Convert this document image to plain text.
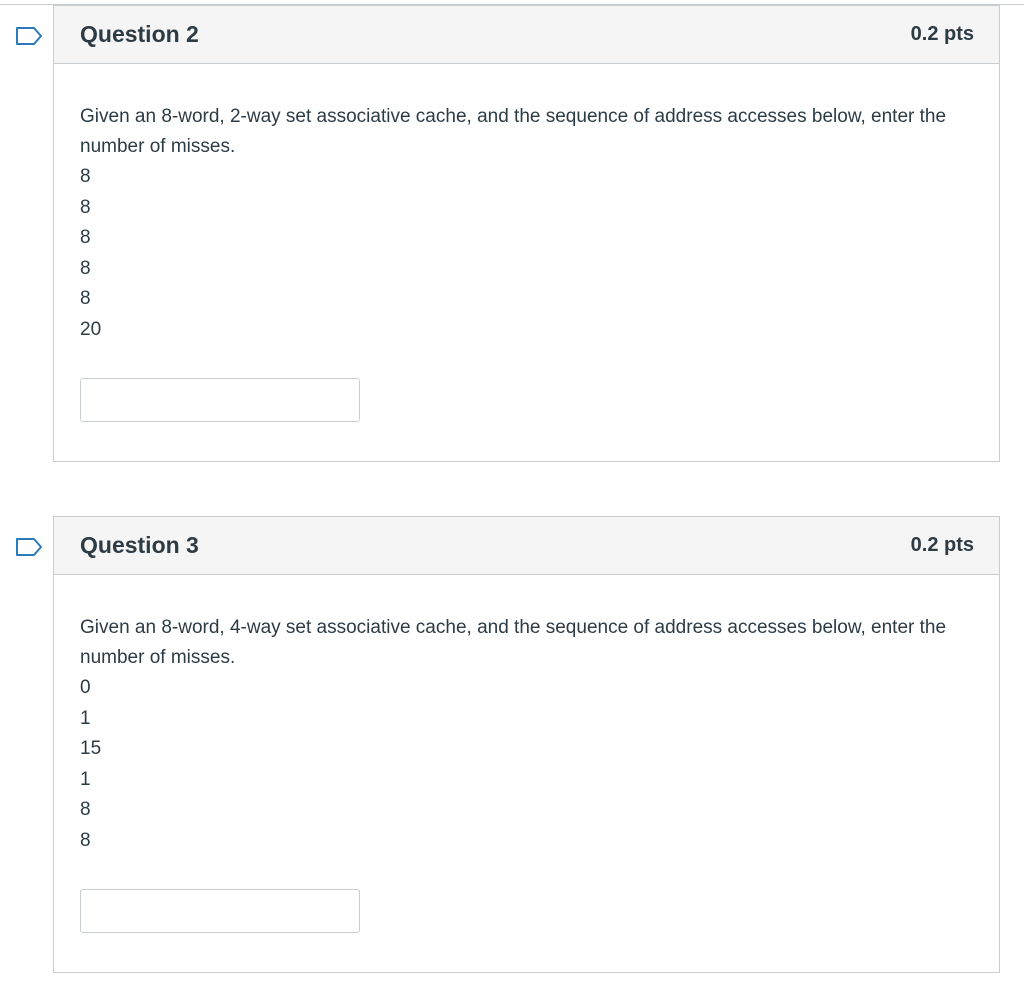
Question 2	0.2 pts

Given an 8-word, 2-way set associative cache, and the sequence of address accesses below, enter the number of misses.

8
8
8
8
8
20
Question 3	0.2 pts

Given an 8-word, 4-way set associative cache, and the sequence of address accesses below, enter the number of misses.

0
1
15
1
8
8
